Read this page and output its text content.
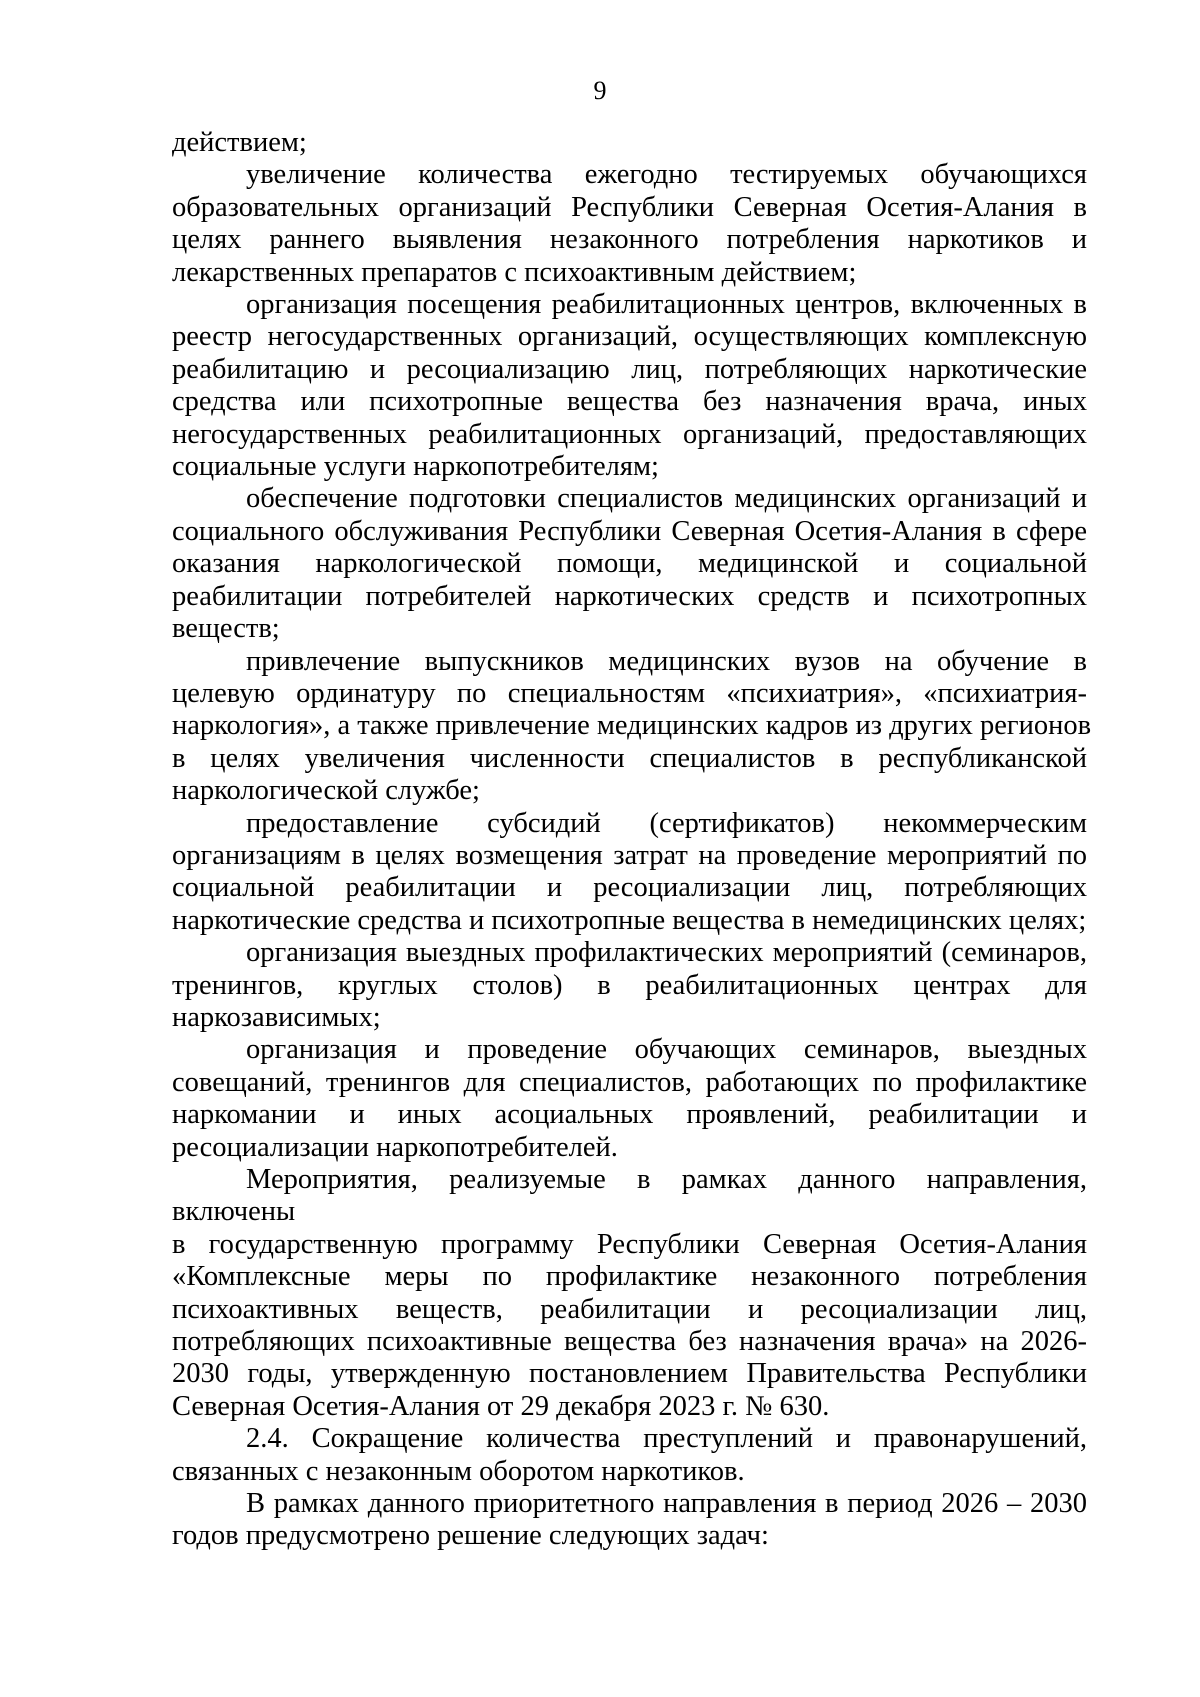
9
действием;
увеличение количества ежегодно тестируемых обучающихся
образовательных организаций Республики Северная Осетия-Алания в
целях раннего выявления незаконного потребления наркотиков и
лекарственных препаратов с психоактивным действием;
организация посещения реабилитационных центров, включенных в
реестр негосударственных организаций, осуществляющих комплексную
реабилитацию и ресоциализацию лиц, потребляющих наркотические
средства или психотропные вещества без назначения врача, иных
негосударственных реабилитационных организаций, предоставляющих
социальные услуги наркопотребителям;
обеспечение подготовки специалистов медицинских организаций и
социального обслуживания Республики Северная Осетия-Алания в сфере
оказания наркологической помощи, медицинской и социальной
реабилитации потребителей наркотических средств и психотропных
веществ;
привлечение выпускников медицинских вузов на обучение в
целевую ординатуру по специальностям «психиатрия», «психиатрия-
наркология», а также привлечение медицинских кадров из других регионов
в целях увеличения численности специалистов в республиканской
наркологической службе;
предоставление субсидий (сертификатов) некоммерческим
организациям в целях возмещения затрат на проведение мероприятий по
социальной реабилитации и ресоциализации лиц, потребляющих
наркотические средства и психотропные вещества в немедицинских целях;
организация выездных профилактических мероприятий (семинаров,
тренингов, круглых столов) в реабилитационных центрах для
наркозависимых;
организация и проведение обучающих семинаров, выездных
совещаний, тренингов для специалистов, работающих по профилактике
наркомании и иных асоциальных проявлений, реабилитации и
ресоциализации наркопотребителей.
Мероприятия, реализуемые в рамках данного направления,
включены
в государственную программу Республики Северная Осетия-Алания
«Комплексные меры по профилактике незаконного потребления
психоактивных веществ, реабилитации и ресоциализации лиц,
потребляющих психоактивные вещества без назначения врача» на 2026-
2030 годы, утвержденную постановлением Правительства Республики
Северная Осетия-Алания от 29 декабря 2023 г. № 630.
2.4. Сокращение количества преступлений и правонарушений,
связанных с незаконным оборотом наркотиков.
В рамках данного приоритетного направления в период 2026 – 2030
годов предусмотрено решение следующих задач:
